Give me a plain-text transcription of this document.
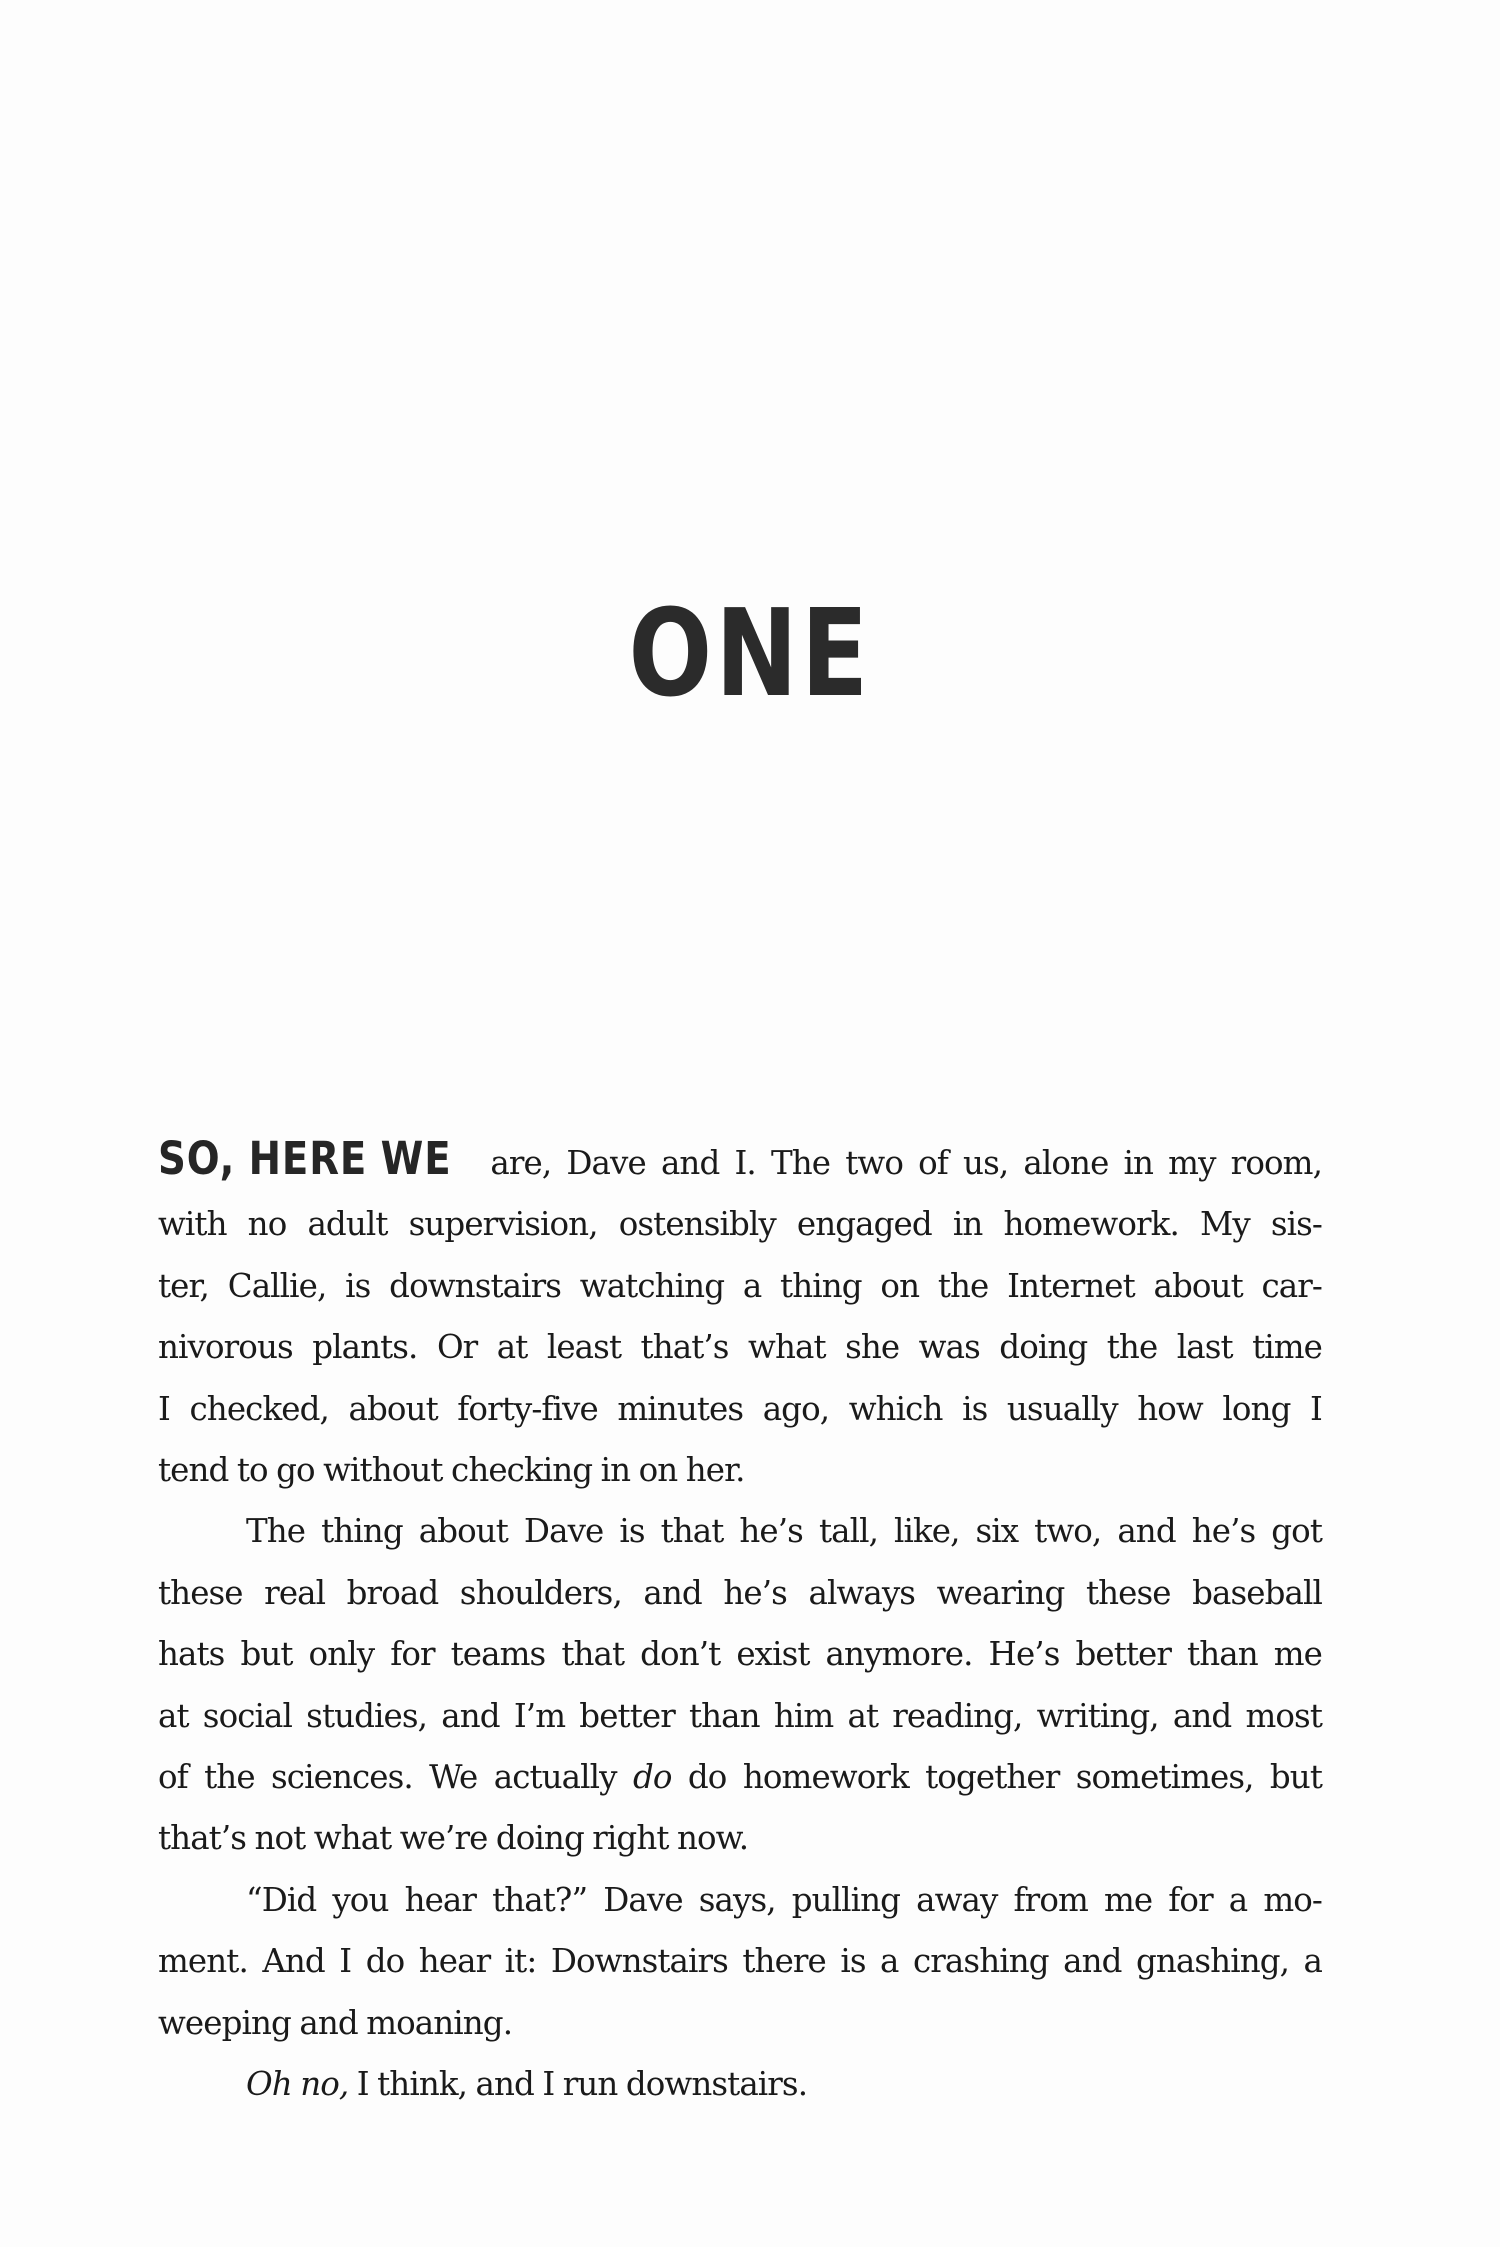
ONE
SO, HERE WE are, Dave and I. The two of us, alone in my room,
with no adult supervision, ostensibly engaged in homework. My sis-
ter, Callie, is downstairs watching a thing on the Internet about car-
nivorous plants. Or at least that’s what she was doing the last time
I checked, about forty-five minutes ago, which is usually how long I
tend to go without checking in on her.
The thing about Dave is that he’s tall, like, six two, and he’s got
these real broad shoulders, and he’s always wearing these baseball
hats but only for teams that don’t exist anymore. He’s better than me
at social studies, and I’m better than him at reading, writing, and most
of the sciences. We actually do do homework together sometimes, but
that’s not what we’re doing right now.
“Did you hear that?” Dave says, pulling away from me for a mo-
ment. And I do hear it: Downstairs there is a crashing and gnashing, a
weeping and moaning.
Oh no, I think, and I run downstairs.
